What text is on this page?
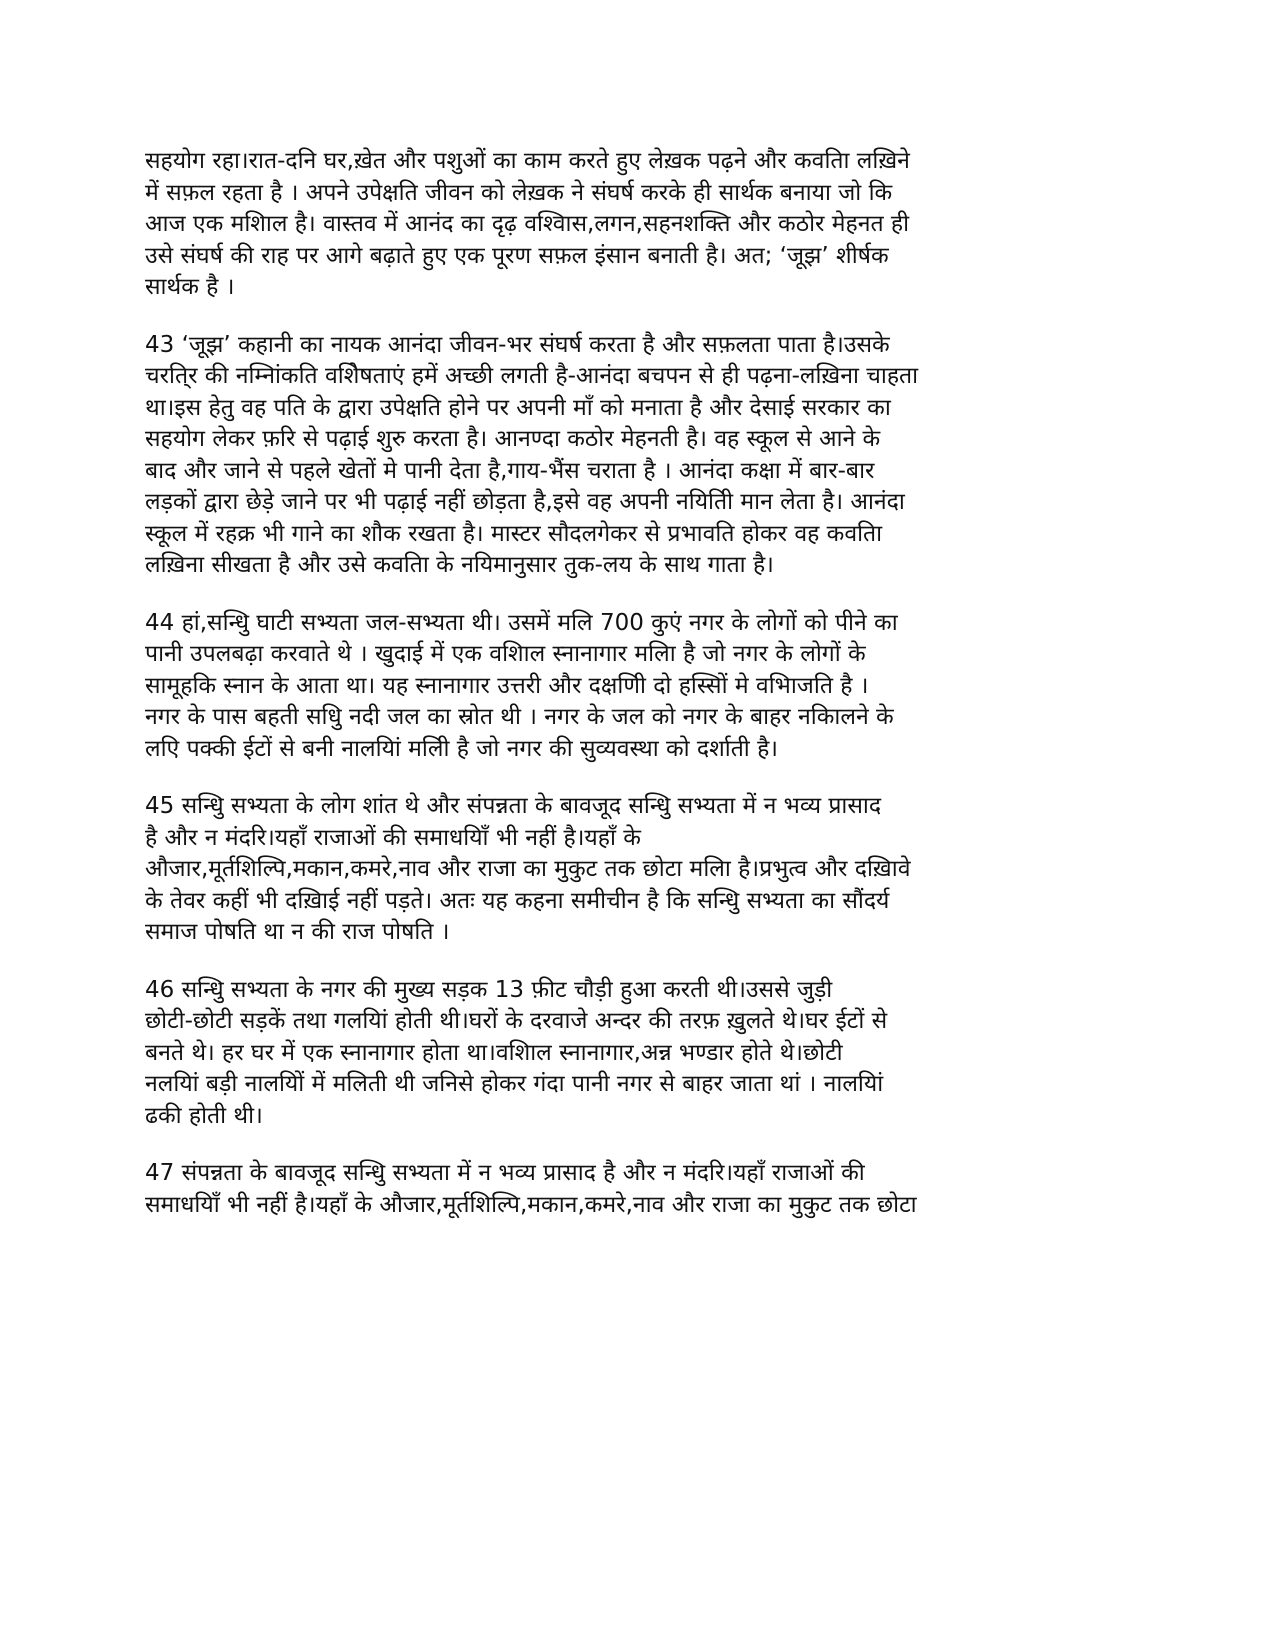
सहयोग रहा।रात-दनि घर,ख़ेत और पशुओं का काम करते हुए लेख़क पढ़ने और कवतिा लख़िने
में सफ़ल रहता है । अपने उपेक्षति जीवन को लेख़क ने संघर्ष करके ही सार्थक बनाया जो कि
आज एक मशिाल है। वास्तव में आनंद का दृढ़ वश्विास,लगन,सहनशक्ति और कठोर मेहनत ही
उसे संघर्ष की राह पर आगे बढ़ाते हुए एक पूरण सफ़ल इंसान बनाती है। अत; ‘जूझ’ शीर्षक
सार्थक है ।

43 ‘जूझ’ कहानी का नायक आनंदा जीवन-भर संघर्ष करता है और सफ़लता पाता है।उसके
चरति्र की नम्निांकति वशिेषताएं हमें अच्छी लगती है-आनंदा बचपन से ही पढ़ना-लख़िना चाहता
था।इस हेतु वह पति के द्वारा उपेक्षति होने पर अपनी माँ को मनाता है और देसाई सरकार का
सहयोग लेकर फ़रि से पढ़ाई शुरु करता है। आनण्दा कठोर मेहनती है। वह स्कूल से आने के
बाद और जाने से पहले खेतों मे पानी देता है,गाय-भैंस चराता है । आनंदा कक्षा में बार-बार
लड़कों द्वारा छेड़े जाने पर भी पढ़ाई नहीं छोड़ता है,इसे वह अपनी नयितिी मान लेता है। आनंदा
स्कूल में रहक्र भी गाने का शौक रखता है। मास्टर सौदलगेकर से प्रभावति होकर वह कवतिा
लख़िना सीखता है और उसे कवतिा के नयिमानुसार तुक-लय के साथ गाता है।

44 हां,सन्धिु घाटी सभ्यता जल-सभ्यता थी। उसमें मलि 700 कुएं नगर के लोगों को पीने का
पानी उपलबढ़ा करवाते थे । खुदाई में एक वशिाल स्नानागार मलिा है जो नगर के लोगों के
सामूहकि स्नान के आता था। यह स्नानागार उत्तरी और दक्षणिी दो हस्सिों मे वभिाजति है ।
नगर के पास बहती सधिु नदी जल का स्रोत थी । नगर के जल को नगर के बाहर नकिालने के
लएि पक्की ईटों से बनी नालयिां मलिी है जो नगर की सुव्यवस्था को दर्शाती है।

45 सन्धिु सभ्यता के लोग शांत थे और संपन्नता के बावजूद सन्धिु सभ्यता में न भव्य प्रासाद
है और न मंदरि।यहाँ राजाओं की समाधयिाँ भी नहीं है।यहाँ के
औजार,मूर्तशिल्पि,मकान,कमरे,नाव और राजा का मुकुट तक छोटा मलिा है।प्रभुत्व और दख़िावे
के तेवर कहीं भी दख़िाई नहीं पड़ते। अतः यह कहना समीचीन है कि सन्धिु सभ्यता का सौंदर्य
समाज पोषति था न की राज पोषति ।

46 सन्धिु सभ्यता के नगर की मुख्य सड़क 13 फ़ीट चौड़ी हुआ करती थी।उससे जुड़ी
छोटी-छोटी सड़कें तथा गलयिां होती थी।घरों के दरवाजे अन्दर की तरफ़ ख़ुलते थे।घर ईटों से
बनते थे। हर घर में एक स्नानागार होता था।वशिाल स्नानागार,अन्न भण्डार होते थे।छोटी
नलयिां बड़ी नालयिों में मलिती थी जनिसे होकर गंदा पानी नगर से बाहर जाता थां । नालयिां
ढकी होती थी।

47 संपन्नता के बावजूद सन्धिु सभ्यता में न भव्य प्रासाद है और न मंदरि।यहाँ राजाओं की
समाधयिाँ भी नहीं है।यहाँ के औजार,मूर्तशिल्पि,मकान,कमरे,नाव और राजा का मुकुट तक छोटा
